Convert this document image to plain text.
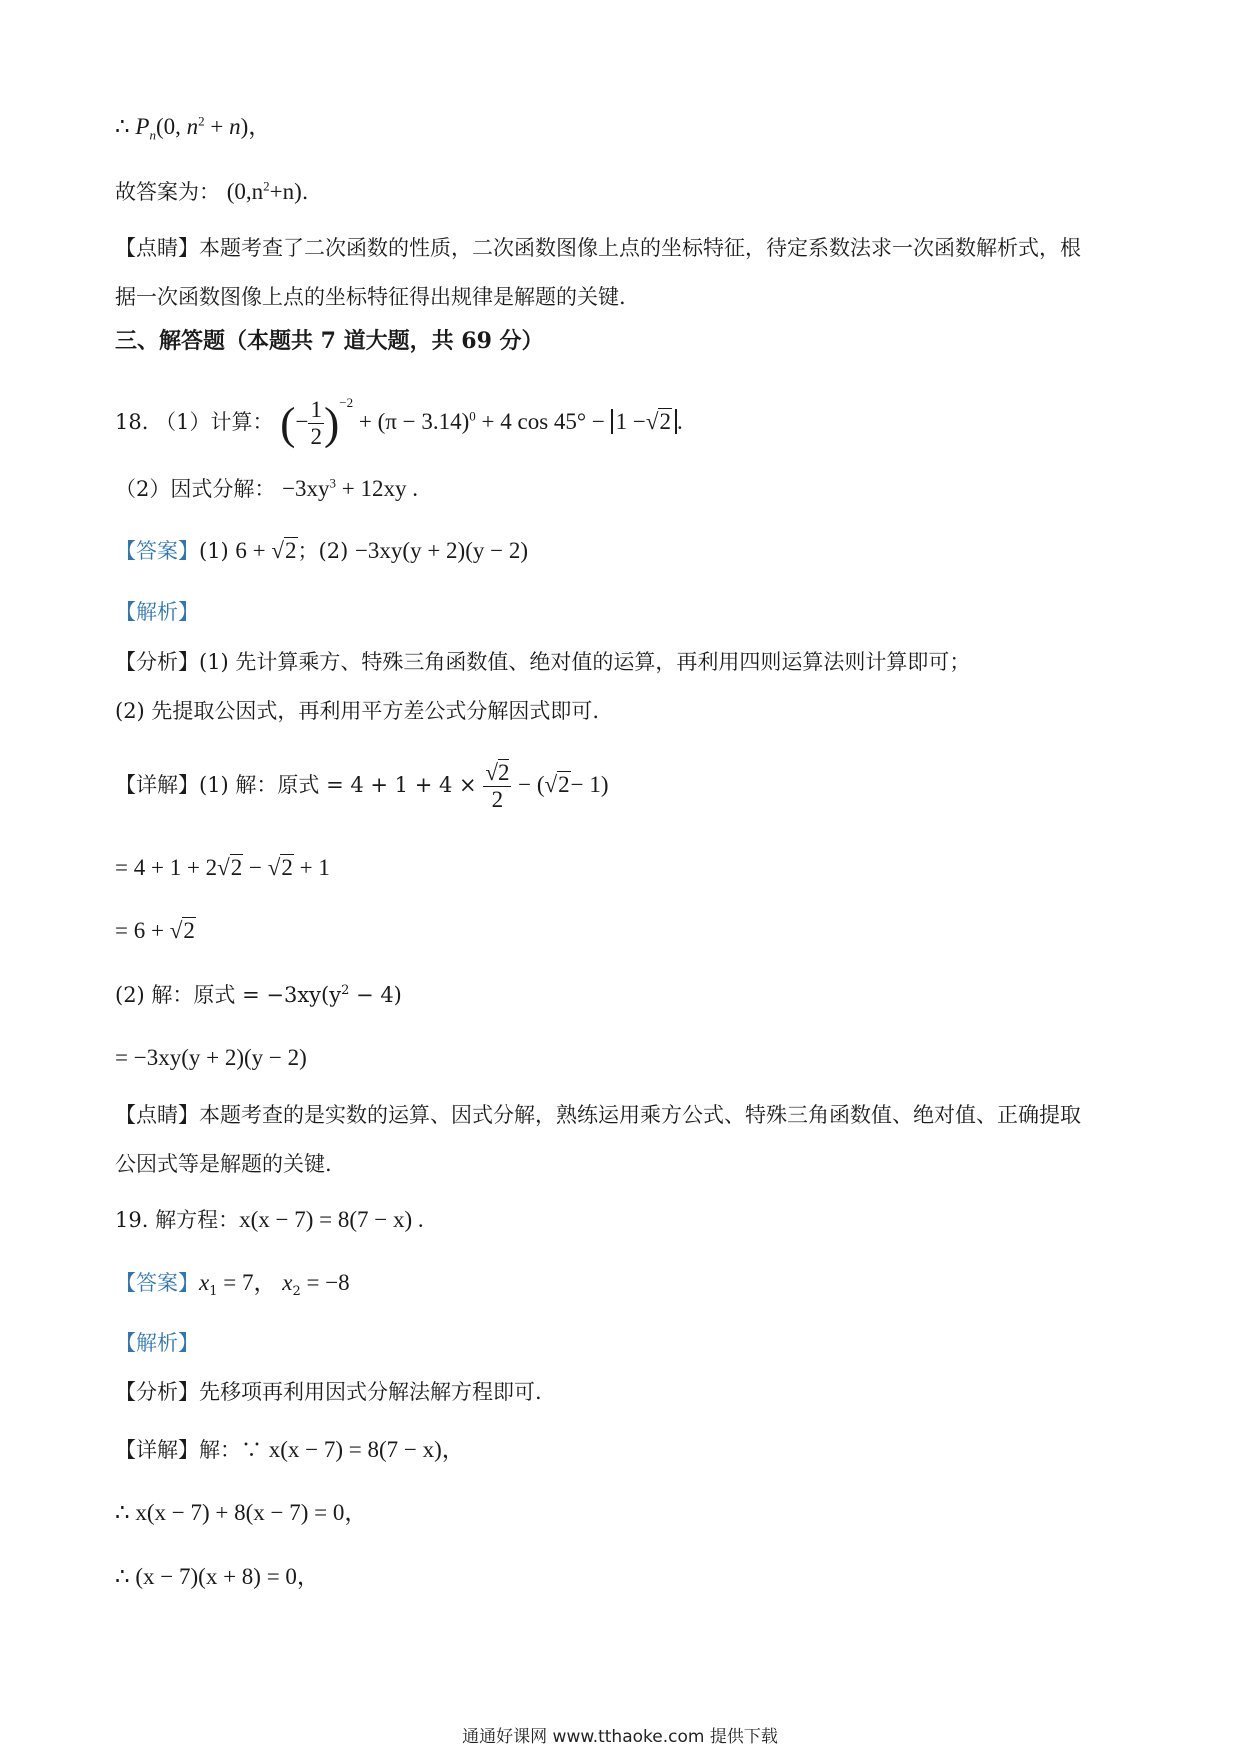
∴ $P_n(0$, $n^2 + n$)，
故答案为： $(0,n^2+n)$.
【点睛】本题考查了二次函数的性质，二次函数图像上点的坐标特征，待定系数法求一次函数解析式，根
据一次函数图像上点的坐标特征得出规律是解题的关键.
三、解答题（本题共 7 道大题，共 69 分）
18. （1）计算： (− $\frac{1}{2} )^{-2} + (\pi - 3.14)^0 + 4$ cos 45° − 1 −√2 .
（2）因式分解： $-3xy^3 + 12xy$ .
【答案】(1) 6 + √2；(2) −3xy(y + 2)(y − 2)
【解析】
【分析】(1) 先计算乘方、特殊三角函数值、绝对值的运算，再利用四则运算法则计算即可；
(2) 先提取公因式，再利用平方差公式分解因式即可.
【详解】(1) 解：原式 = $4 + 1 + 4 \times \frac{√2}{2} - (√2- 1)$
= 4 + 1 + 2√2 − √2 + 1
= 6 + √2
(2) 解：原式 = $-3xy(y^2 - 4)$
= −3xy(y + 2)(y − 2)
【点睛】本题考查的是实数的运算、因式分解，熟练运用乘方公式、特殊三角函数值、绝对值、正确提取
公因式等是解题的关键.
19. 解方程：x(x − 7) = 8(7 − x) .
【答案】$x_1 = 7$， $x_2 = -8$
【解析】
【分析】先移项再利用因式分解法解方程即可.
【详解】解：∵ x(x − 7) = 8(7 − x)，
∴ x(x − 7) + 8(x − 7) = 0，
∴ (x − 7)(x + 8) = 0，
通通好课网 www.tthaoke.com 提供下载
